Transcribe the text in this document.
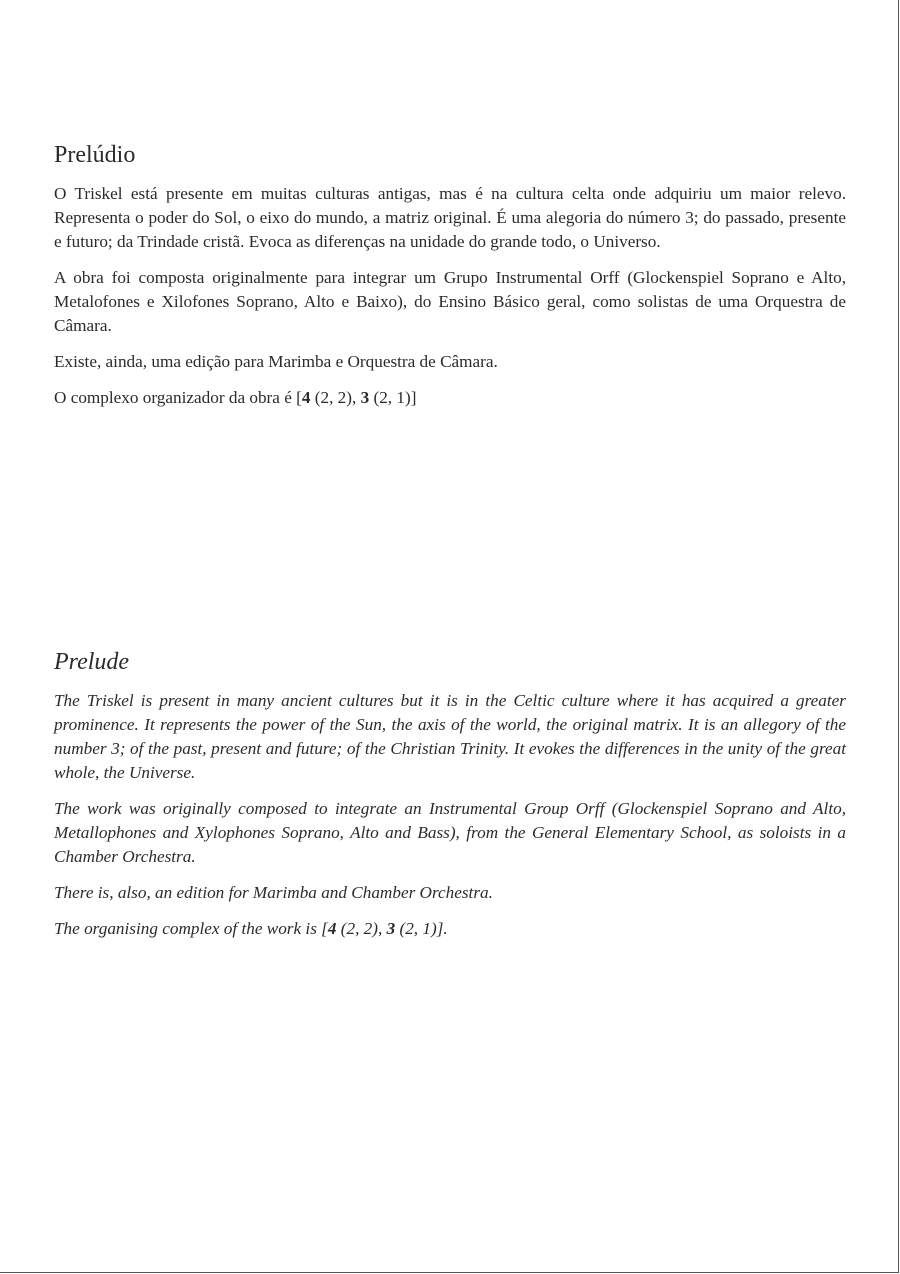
Prelúdio

O Triskel está presente em muitas culturas antigas, mas é na cultura celta onde adquiriu um maior relevo. Representa o poder do Sol, o eixo do mundo, a matriz original. É uma alegoria do número 3; do passado, presente e futuro; da Trindade cristã. Evoca as diferenças na unidade do grande todo, o Universo.

A obra foi composta originalmente para integrar um Grupo Instrumental Orff (Glockenspiel Soprano e Alto, Metalofones e Xilofones Soprano, Alto e Baixo), do Ensino Básico geral, como solistas de uma Orquestra de Câmara.

Existe, ainda, uma edição para Marimba e Orquestra de Câmara.

O complexo organizador da obra é [4 (2, 2), 3 (2, 1)]

Prelude

The Triskel is present in many ancient cultures but it is in the Celtic culture where it has acquired a greater prominence. It represents the power of the Sun, the axis of the world, the original matrix. It is an allegory of the number 3; of the past, present and future; of the Christian Trinity. It evokes the differences in the unity of the great whole, the Universe.

The work was originally composed to integrate an Instrumental Group Orff (Glockenspiel Soprano and Alto, Metallophones and Xylophones Soprano, Alto and Bass), from the General Elementary School, as soloists in a Chamber Orchestra.

There is, also, an edition for Marimba and Chamber Orchestra.

The organising complex of the work is [4 (2, 2), 3 (2, 1)].
